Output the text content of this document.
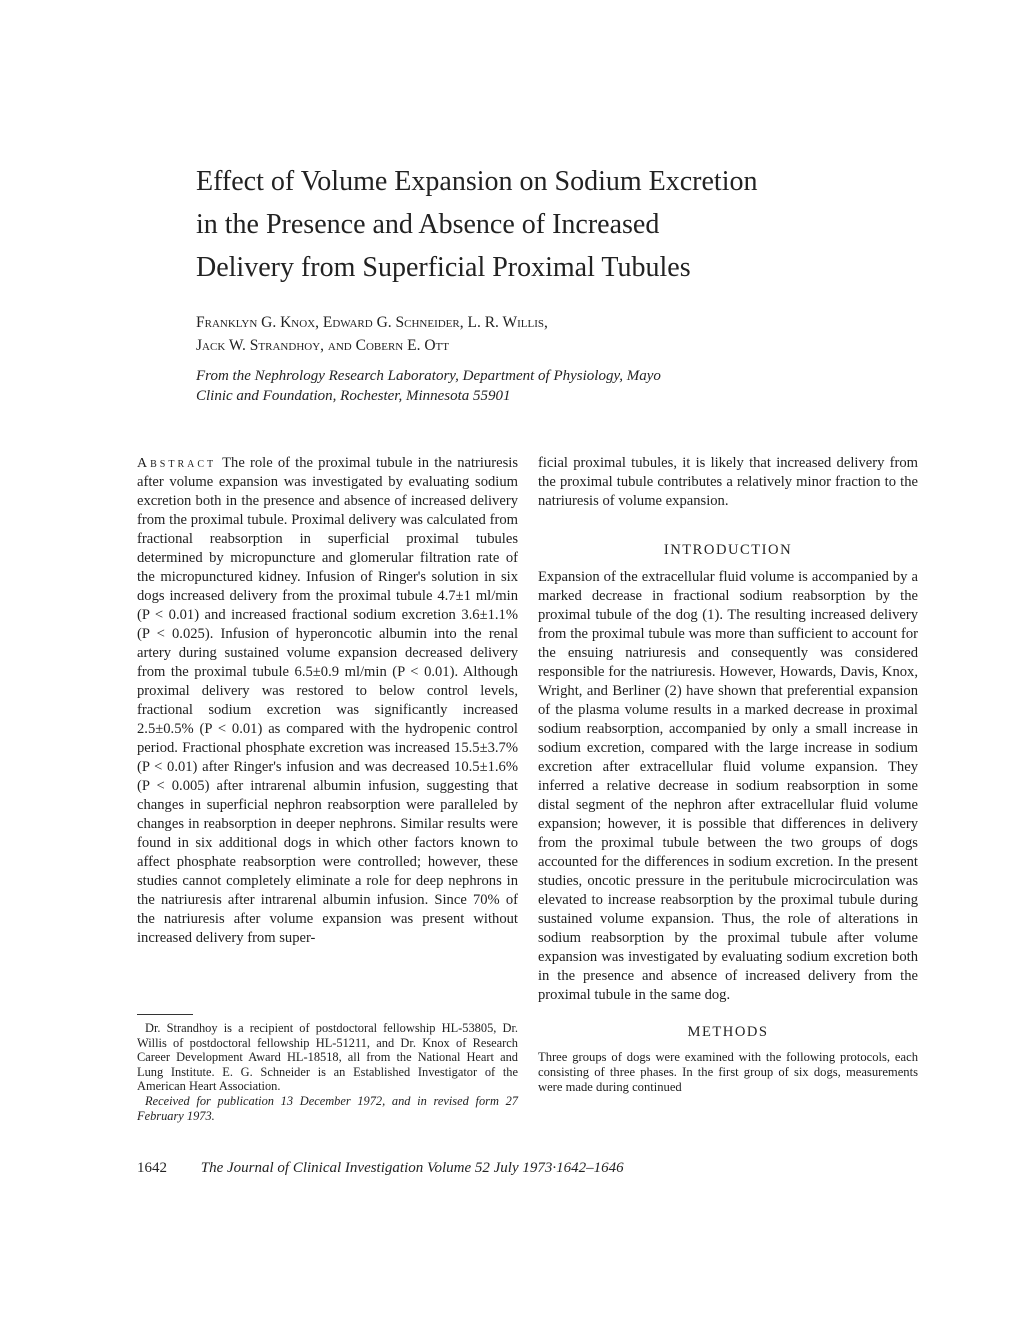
Effect of Volume Expansion on Sodium Excretion
in the Presence and Absence of Increased
Delivery from Superficial Proximal Tubules
Franklyn G. Knox, Edward G. Schneider, L. R. Willis,
Jack W. Strandhoy, and Cobern E. Ott
From the Nephrology Research Laboratory, Department of Physiology, Mayo
Clinic and Foundation, Rochester, Minnesota 55901

Abstract The role of the proximal tubule in the natriuresis after volume expansion was investigated by evaluating sodium excretion both in the presence and absence of increased delivery from the proximal tubule. Proximal delivery was calculated from fractional reabsorption in superficial proximal tubules determined by micropuncture and glomerular filtration rate of the micropunctured kidney. Infusion of Ringer's solution in six dogs increased delivery from the proximal tubule 4.7±1 ml/min (P < 0.01) and increased fractional sodium excretion 3.6±1.1% (P < 0.025). Infusion of hyperoncotic albumin into the renal artery during sustained volume expansion decreased delivery from the proximal tubule 6.5±0.9 ml/min (P < 0.01). Although proximal delivery was restored to below control levels, fractional sodium excretion was significantly increased 2.5±0.5% (P < 0.01) as compared with the hydropenic control period. Fractional phosphate excretion was increased 15.5±3.7% (P < 0.01) after Ringer's infusion and was decreased 10.5±1.6% (P < 0.005) after intrarenal albumin infusion, suggesting that changes in superficial nephron reabsorption were paralleled by changes in reabsorption in deeper nephrons. Similar results were found in six additional dogs in which other factors known to affect phosphate reabsorption were controlled; however, these studies cannot completely eliminate a role for deep nephrons in the natriuresis after intrarenal albumin infusion. Since 70% of the natriuresis after volume expansion was present without increased delivery from super-

Dr. Strandhoy is a recipient of postdoctoral fellowship HL-53805, Dr. Willis of postdoctoral fellowship HL-51211, and Dr. Knox of Research Career Development Award HL-18518, all from the National Heart and Lung Institute. E. G. Schneider is an Established Investigator of the American Heart Association.

Received for publication 13 December 1972, and in revised form 27 February 1973.

ficial proximal tubules, it is likely that increased delivery from the proximal tubule contributes a relatively minor fraction to the natriuresis of volume expansion.

INTRODUCTION

Expansion of the extracellular fluid volume is accompanied by a marked decrease in fractional sodium reabsorption by the proximal tubule of the dog (1). The resulting increased delivery from the proximal tubule was more than sufficient to account for the ensuing natriuresis and consequently was considered responsible for the natriuresis. However, Howards, Davis, Knox, Wright, and Berliner (2) have shown that preferential expansion of the plasma volume results in a marked decrease in proximal sodium reabsorption, accompanied by only a small increase in sodium excretion, compared with the large increase in sodium excretion after extracellular fluid volume expansion. They inferred a relative decrease in sodium reabsorption in some distal segment of the nephron after extracellular fluid volume expansion; however, it is possible that differences in delivery from the proximal tubule between the two groups of dogs accounted for the differences in sodium excretion. In the present studies, oncotic pressure in the peritubule microcirculation was elevated to increase reabsorption by the proximal tubule during sustained volume expansion. Thus, the role of alterations in sodium reabsorption by the proximal tubule after volume expansion was investigated by evaluating sodium excretion both in the presence and absence of increased delivery from the proximal tubule in the same dog.

METHODS

Three groups of dogs were examined with the following protocols, each consisting of three phases. In the first group of six dogs, measurements were made during continued

1642 The Journal of Clinical Investigation Volume 52 July 1973·1642–1646
